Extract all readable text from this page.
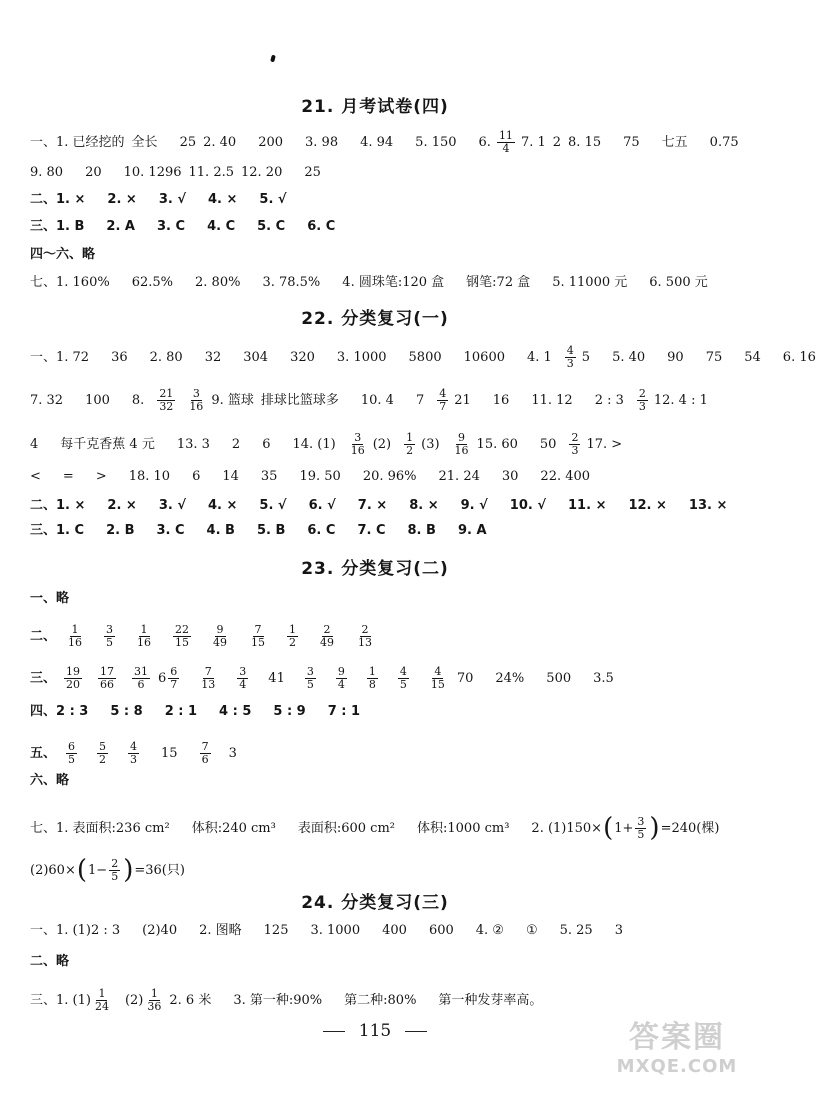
21. 月考试卷(四)
一、1. 已经挖的 全长 25 2. 40 200 3. 98 4. 94 5. 150 6. $\frac{11}{4} 7$. 1 2 8. 15 75 七五 0.75
9. 80 20 10. 1296 11. 2.5 12. 20 25
二、1. × 2. × 3. √ 4. × 5. √
三、1. B 2. A 3. C 4. C 5. C 6. C
四～六、略
七、1. 160% 62.5% 2. 80% 3. 78.5% 4. 圆珠笔:120 盒 钢笔:72 盒 5. 11000 元 6. 500 元
22. 分类复习(一)
一、1. 72 36 2. 80 32 304 320 3. 1000 5800 10600 4. $1 \frac{4}{3} 5$ 5. 40 90 75 54 6. 16
7. 32 100 8. $\frac{21}{32} \frac{3}{16} 9$. 篮球 排球比篮球多 10. 4 $7 \frac{4}{7} 21$ 16 11. 12 2 : $3 \frac{2}{3} 12$. 4 : 1
4 每千克香蕉 4 元 13. 3 2 6 14. $(1) \frac{3}{16} (2) \frac{1}{2} (3) \frac{9}{16} 15$. 60 $50 \frac{2}{3} 17$. >
< = > 18. 10 6 14 35 19. 50 20. 96% 21. 24 30 22. 400
二、1. × 2. × 3. √ 4. × 5. √ 6. √ 7. × 8. × 9. √ 10. √ 11. × 12. × 13. ×
三、1. C 2. B 3. C 4. B 5. B 6. C 7. C 8. B 9. A
23. 分类复习(二)
一、略
二、 $\frac{1}{16} \frac{3}{5} \frac{1}{16} \frac{22}{15} \frac{9}{49} \frac{7}{15} \frac{1}{2} \frac{2}{49} \frac{2}{13}$
三、 $\frac{19}{20} \frac{17}{66} \frac{31}{6} 6 \frac{6}{7} \frac{7}{13} \frac{3}{4} 41 \frac{3}{5} \frac{9}{4} \frac{1}{8} \frac{4}{5} \frac{4}{15} 70$ 24% 500 3.5
四、2 : 3 5 : 8 2 : 1 4 : 5 5 : 9 7 : 1
五、 $\frac{6}{5} \frac{5}{2} \frac{4}{3} 15 \frac{7}{6} 3$
六、略
七、1. 表面积:236 cm² 体积:240 cm³ 表面积:600 cm² 体积:1000 cm³ 2. (1)150× ( $1+ \frac{3}{5}$ ) =240(棵)
(2)60× ( $1- \frac{2}{5}$ ) =36(只)
24. 分类复习(三)
一、1. (1)2 : 3 (2)40 2. 图略 125 3. 1000 400 600 4. ② ① 5. 25 3
二、略
三、1. $(1) \frac{1}{24} (2) \frac{1}{36} 2$. 6 米 3. 第一种:90% 第二种:80% 第一种发芽率高。
115	答案圈
MXQE.COM
